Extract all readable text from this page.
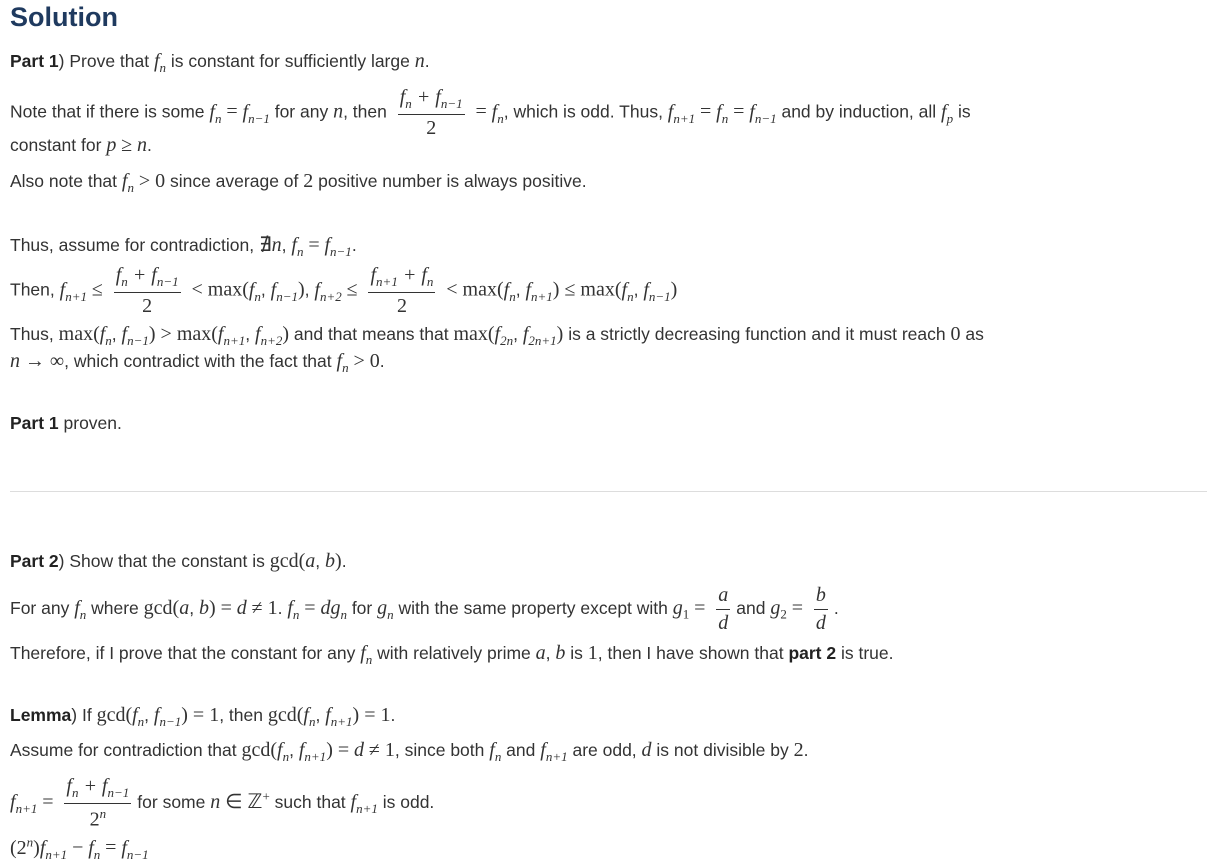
Solution
Part 1) Prove that $f_n$ is constant for sufficiently large n.
Note that if there is some $f_n = f_{n-1}$ for any n, then $\frac{f_n + f_{n-1}}{2} = f_n$, which is odd. Thus, $f_{n+1} = f_n = f_{n-1}$ and by induction, all $f_p$ is
constant for p ≥ n.
Also note that $f_n > 0$ since average of 2 positive number is always positive.
Thus, assume for contradiction, ∄n, $f_n = f_{n-1}$.
Then, $f_{n+1} \le \frac{f_n + f_{n-1}}{2} < \max(f_n$, $f_{n-1}$), $f_{n+2} \le \frac{f_{n+1} + f_n}{2} < \max(f_n$, $f_{n+1}) \le \max(f_n$, $f_{n-1}$)
Thus, $\max(f_n$, $f_{n-1}) > \max(f_{n+1}$, $f_{n+2}$) and that means that $\max(f_{2n}$, $f_{2n+1}$) is a strictly decreasing function and it must reach 0 as
n → ∞, which contradict with the fact that $f_n > 0$.
Part 1 proven.
Part 2) Show that the constant is gcd(a, b).
For any $f_n$ where gcd(a, b) = d ≠ 1. $f_n = dg_n$ for $g_n$ with the same property except with $g_1 = \frac{a}{d}$ and $g_2 = \frac{b}{d}$ .
Therefore, if I prove that the constant for any $f_n$ with relatively prime a, b is 1, then I have shown that part 2 is true.
Lemma) If $\gcd(f_n$, $f_{n-1}) = 1$, then $\gcd(f_n$, $f_{n+1}) = 1$.
Assume for contradiction that $\gcd(f_n$, $f_{n+1}) = d \ne 1$, since both $f_n$ and $f_{n+1}$ are odd, d is not divisible by 2.
$f_{n+1} = \frac{f_n + f_{n-1}}{2^n}$ for some n ∈ ℤ+ such that $f_{n+1}$ is odd.
$(2^n)f_{n+1} - f_n = f_{n-1}$
